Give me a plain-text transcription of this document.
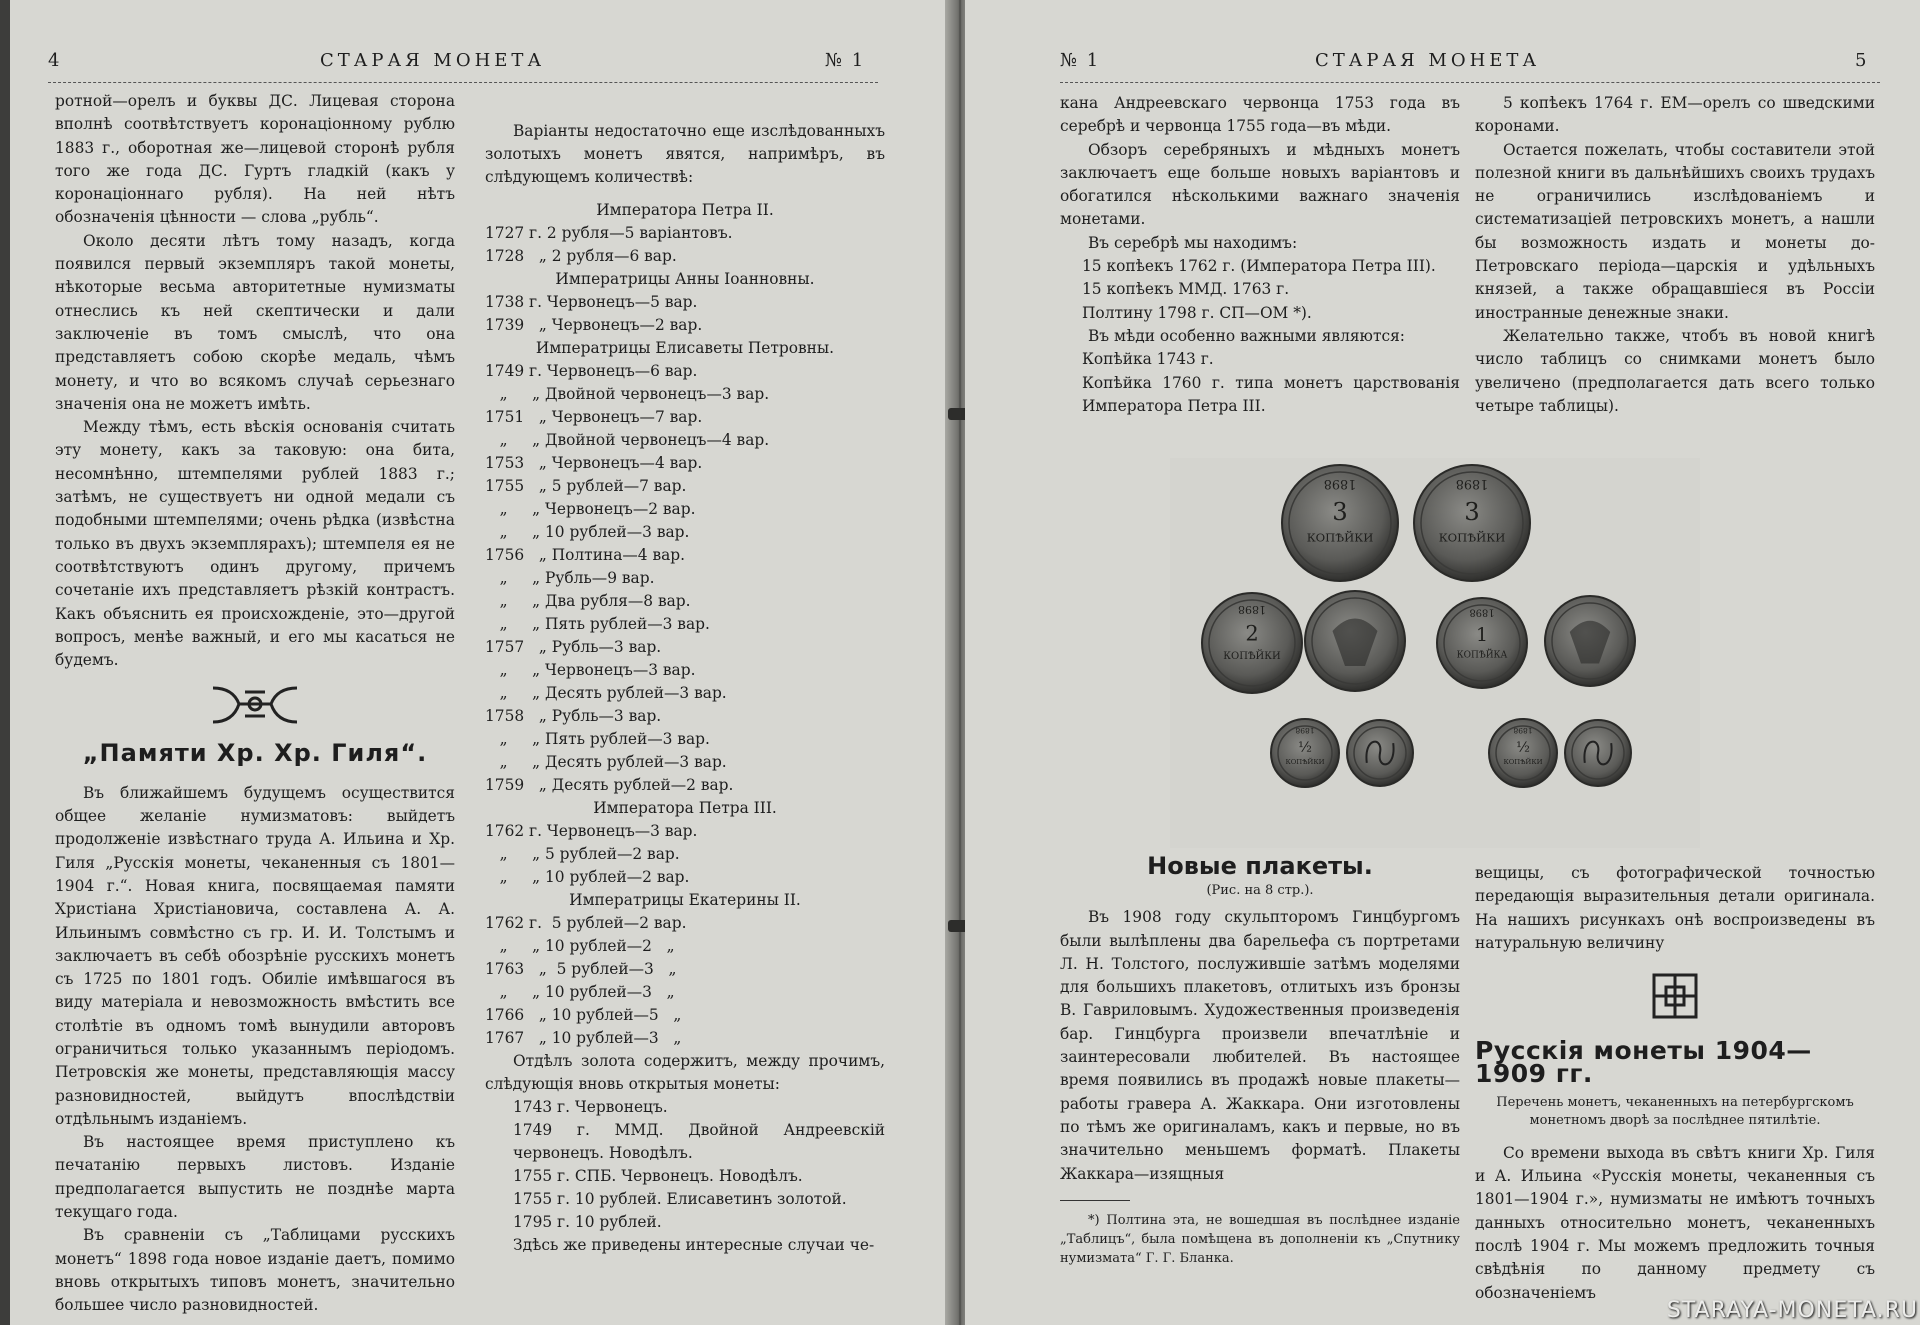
4	СТАРАЯ МОНЕТА	№ 1

ротной—орелъ и буквы ДС. Лицевая сторона вполнѣ соотвѣтствуетъ коронаціонному рублю 1883 г., оборотная же—лицевой сторонѣ рубля того же года ДС. Гуртъ гладкій (какъ у коронаціоннаго рубля). На ней нѣтъ обозначенія цѣнности — слова „рубль“.

Около десяти лѣтъ тому назадъ, когда появился первый экземпляръ такой монеты, нѣкоторые весьма авторитетные нумизматы отнеслись къ ней скептически и дали заключеніе въ томъ смыслѣ, что она представляетъ собою скорѣе медаль, чѣмъ монету, и что во всякомъ случаѣ серьезнаго значенія она не можетъ имѣть.

Между тѣмъ, есть вѣскія основанія считать эту монету, какъ за таковую: она бита, несомнѣнно, штемпелями рублей 1883 г.; затѣмъ, не существуетъ ни одной медали съ подобными штемпелями; очень рѣдка (извѣстна только въ двухъ экземплярахъ); штемпеля ея не соотвѣтствуютъ одинъ другому, причемъ сочетаніе ихъ представляетъ рѣзкій контрастъ. Какъ объяснить ея происхожденіе, это—другой вопросъ, менѣе важный, и его мы касаться не будемъ.

„Памяти Хр. Хр. Гиля“.

Въ ближайшемъ будущемъ осуществится общее желаніе нумизматовъ: выйдетъ продолженіе извѣстнаго труда А. Ильина и Хр. Гиля „Русскія монеты, чеканенныя съ 1801—1904 г.“. Новая книга, посвящаемая памяти Христіана Христіановича, составлена А. А. Ильинымъ совмѣстно съ гр. И. И. Толстымъ и заключаетъ въ себѣ обозрѣніе русскихъ монетъ съ 1725 по 1801 годъ. Обиліе имѣвшагося въ виду матеріала и невозможность вмѣстить все столѣтіе въ одномъ томѣ вынудили авторовъ ограничиться только указаннымъ періодомъ. Петровскія же монеты, представляющія массу разновидностей, выйдутъ впослѣдствіи отдѣльнымъ изданіемъ.

Въ настоящее время приступлено къ печатанію первыхъ листовъ. Изданіе предполагается выпустить не позднѣе марта текущаго года.

Въ сравненіи съ „Таблицами русскихъ монетъ“ 1898 года новое изданіе даетъ, помимо вновь открытыхъ типовъ монетъ, значительно большее число разновидностей.

Варіанты недостаточно еще изслѣдованныхъ золотыхъ монетъ явятся, напримѣръ, въ слѣдующемъ количествѣ:

Императора Петра II.

1727 г. 2 рубля—5 варіантовъ.

1728   „ 2 рубля—6 вар.

Императрицы Анны Іоанновны.

1738 г. Червонецъ—5 вар.

1739   „ Червонецъ—2 вар.

Императрицы Елисаветы Петровны.

1749 г. Червонецъ—6 вар.

„     „ Двойной червонецъ—3 вар.

1751   „ Червонецъ—7 вар.

„     „ Двойной червонецъ—4 вар.

1753   „ Червонецъ—4 вар.

1755   „ 5 рублей—7 вар.

„     „ Червонецъ—2 вар.

„     „ 10 рублей—3 вар.

1756   „ Полтина—4 вар.

„     „ Рубль—9 вар.

„     „ Два рубля—8 вар.

„     „ Пять рублей—3 вар.

1757   „ Рубль—3 вар.

„     „ Червонецъ—3 вар.

„     „ Десять рублей—3 вар.

1758   „ Рубль—3 вар.

„     „ Пять рублей—3 вар.

„     „ Десять рублей—3 вар.

1759   „ Десять рублей—2 вар.

Императора Петра III.

1762 г. Червонецъ—3 вар.

„     „ 5 рублей—2 вар.

„     „ 10 рублей—2 вар.

Императрицы Екатерины II.

1762 г.  5 рублей—2 вар.

„     „ 10 рублей—2   „

1763   „  5 рублей—3   „

„     „ 10 рублей—3   „

1766   „ 10 рублей—5   „

1767   „ 10 рублей—3   „

Отдѣлъ золота содержитъ, между прочимъ, слѣдующія вновь открытыя монеты:

1743 г. Червонецъ.

1749 г. ММД. Двойной Андреевскій червонецъ. Новодѣлъ.

1755 г. СПБ. Червонецъ. Новодѣлъ.

1755 г. 10 рублей. Елисаветинъ золотой.

1795 г. 10 рублей.

Здѣсь же приведены интересные случаи че-

№ 1	СТАРАЯ МОНЕТА	5

кана Андреевскаго червонца 1753 года въ серебрѣ и червонца 1755 года—въ мѣди.

Обзоръ серебряныхъ и мѣдныхъ монетъ заключаетъ еще больше новыхъ варіантовъ и обогатился нѣсколькими важнаго значенія монетами.

Въ серебрѣ мы находимъ:

15 копѣекъ 1762 г. (Императора Петра III).

15 копѣекъ ММД. 1763 г.

Полтину 1798 г. СП—ОМ *).

Въ мѣди особенно важными являются:

Копѣйка 1743 г.

Копѣйка 1760 г. типа монетъ царствованія Императора Петра III.

5 копѣекъ 1764 г. ЕМ—орелъ со шведскими коронами.

Остается пожелать, чтобы составители этой полезной книги въ дальнѣйшихъ своихъ трудахъ не ограничились изслѣдованіемъ и систематизаціей петровскихъ монетъ, а нашли бы возможность издать и монеты до-Петровскаго періода—царскія и удѣльныхъ князей, а также обращавшіеся въ Россіи иностранные денежные знаки.

Желательно также, чтобъ въ новой книгѣ число таблицъ со снимками монетъ было увеличено (предполагается дать всего только четыре таблицы).

3
КОПѢЙКИ
1898
3
КОПѢЙКИ
1898
2
КОПѢЙКИ
1898
1
КОПѢЙКА
1898
½
КОПѢЙКИ
1898
½
КОПѢЙКИ
1898
Новые плакеты.

(Рис. на 8 стр.).

Въ 1908 году скульпторомъ Гинцбургомъ были вылѣплены два барельефа съ портретами Л. Н. Толстого, послужившіе затѣмъ моделями для большихъ плакетовъ, отлитыхъ изъ бронзы В. Гавриловымъ. Художественныя произведенія бар. Гинцбурга произвели впечатлѣніе и заинтересовали любителей. Въ настоящее время появились въ продажѣ новые плакеты—работы гравера А. Жаккара. Они изготовлены по тѣмъ же оригиналамъ, какъ и первые, но въ значительно меньшемъ форматѣ. Плакеты Жаккара—изящныя

*) Полтина эта, не вошедшая въ послѣднее изданіе „Таблицъ“, была помѣщена въ дополненіи къ „Спутнику нумизмата“ Г. Г. Бланка.

вещицы, съ фотографической точностью передающія выразительныя детали оригинала. На нашихъ рисункахъ онѣ воспроизведены въ натуральную величину

Русскія монеты 1904—1909 гг.

Перечень монетъ, чеканенныхъ на петербургскомъ монетномъ дворѣ за послѣднее пятилѣтіе.

Со времени выхода въ свѣтъ книги Хр. Гиля и А. Ильина «Русскія монеты, чеканенныя съ 1801—1904 г.», нумизматы не имѣютъ точныхъ данныхъ относительно монетъ, чеканенныхъ послѣ 1904 г. Мы можемъ предложить точныя свѣдѣнія по данному предмету съ обозначеніемъ

STARAYA-MONETA.RU
